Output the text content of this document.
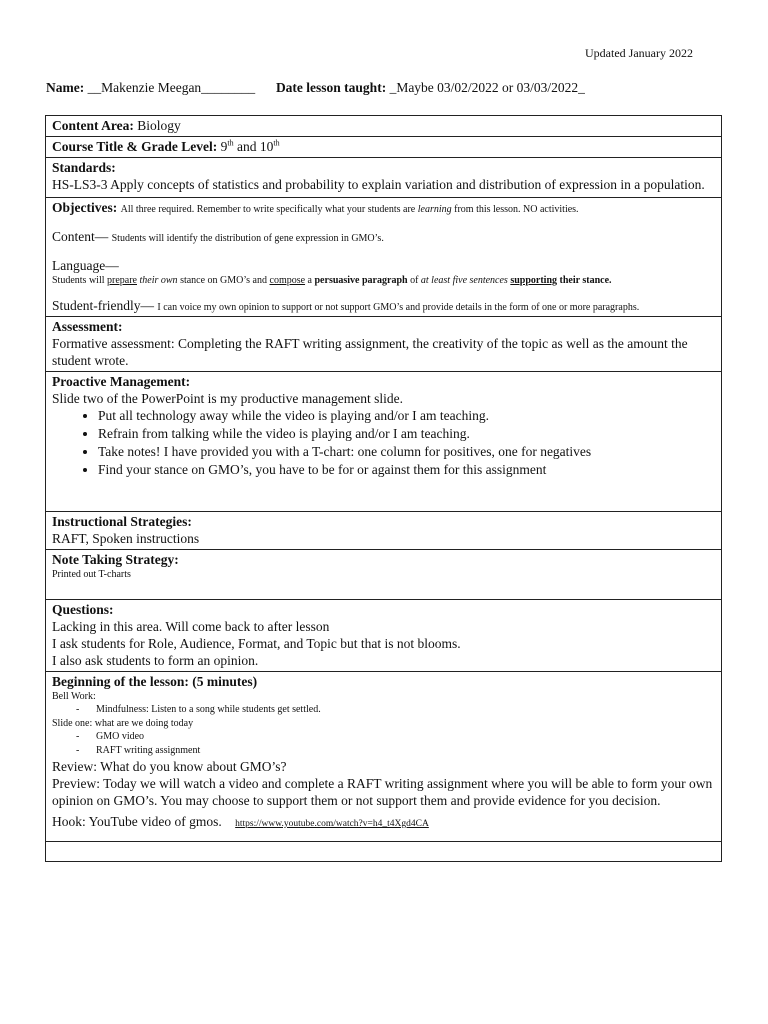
Updated January 2022
Name: __Makenzie Meegan________ Date lesson taught: _Maybe 03/02/2022 or 03/03/2022_
Content Area: Biology
Course Title & Grade Level: 9th and 10th

Standards:
HS-LS3-3 Apply concepts of statistics and probability to explain variation and distribution of expression in a population.

Objectives: All three required. Remember to write specifically what your students are learning from this lesson. NO activities.
Content— Students will identify the distribution of gene expression in GMO’s.
Language—
Students will prepare their own stance on GMO’s and compose a persuasive paragraph of at least five sentences supporting their stance.
Student-friendly— I can voice my own opinion to support or not support GMO’s and provide details in the form of one or more paragraphs.

Assessment:
Formative assessment: Completing the RAFT writing assignment, the creativity of the topic as well as the amount the student wrote.

Proactive Management:
Slide two of the PowerPoint is my productive management slide.
• Put all technology away while the video is playing and/or I am teaching.
• Refrain from talking while the video is playing and/or I am teaching.
• Take notes! I have provided you with a T-chart: one column for positives, one for negatives
• Find your stance on GMO’s, you have to be for or against them for this assignment

Instructional Strategies:
RAFT, Spoken instructions

Note Taking Strategy:
Printed out T-charts

Questions:
Lacking in this area. Will come back to after lesson
I ask students for Role, Audience, Format, and Topic but that is not blooms.
I also ask students to form an opinion.

Beginning of the lesson: (5 minutes)
Bell Work:
- Mindfulness: Listen to a song while students get settled.
Slide one: what are we doing today
- GMO video
- RAFT writing assignment
Review: What do you know about GMO’s?
Preview: Today we will watch a video and complete a RAFT writing assignment where you will be able to form your own opinion on GMO’s. You may choose to support them or not support them and provide evidence for you decision.
Hook: YouTube video of gmos. https://www.youtube.com/watch?v=h4_t4Xgd4CA
